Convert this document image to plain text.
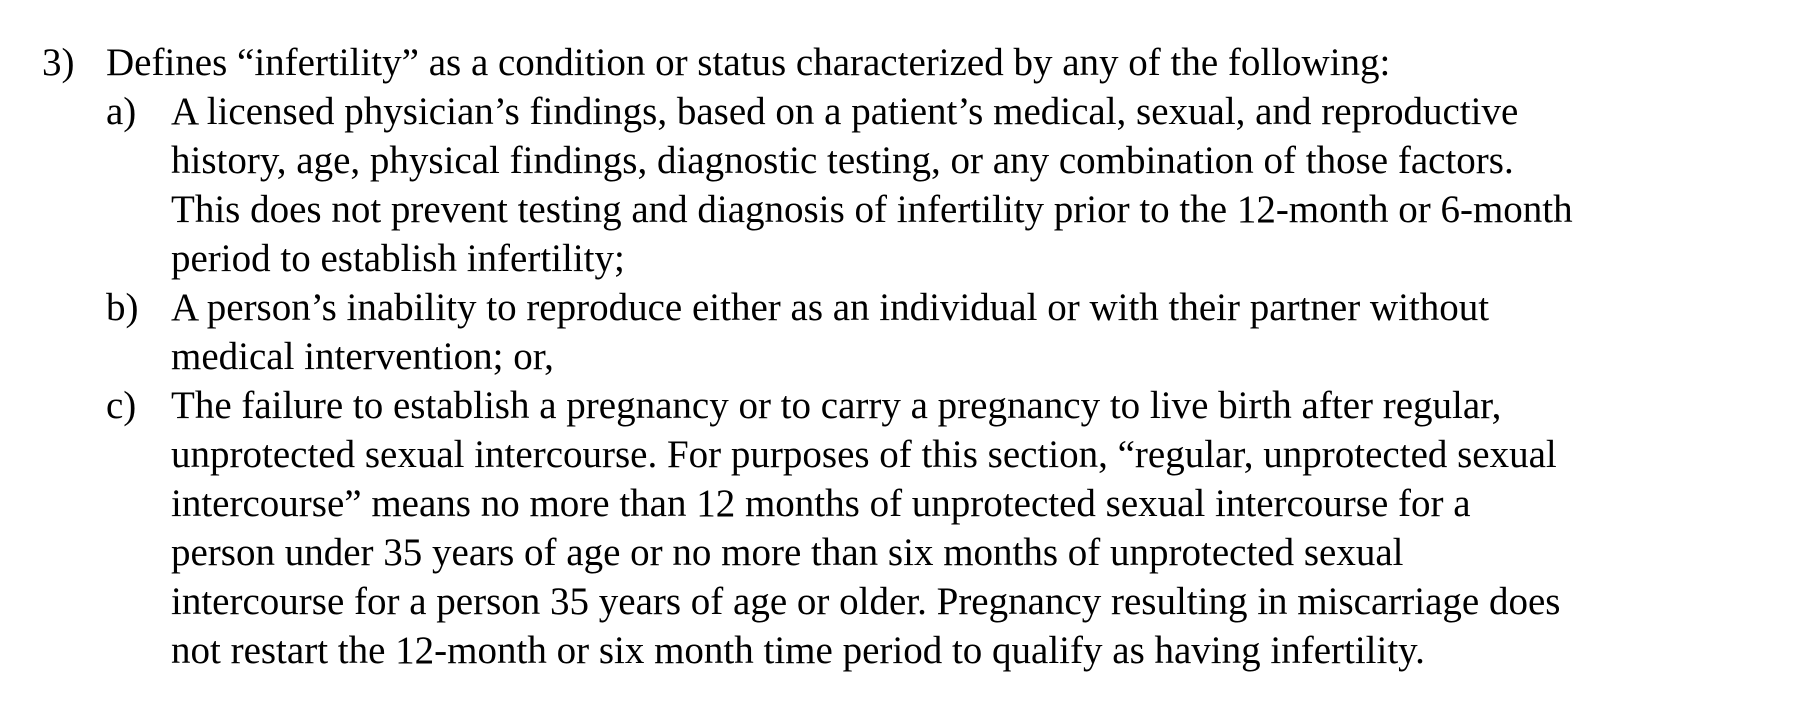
3) Defines “infertility” as a condition or status characterized by any of the following:
a) A licensed physician’s findings, based on a patient’s medical, sexual, and reproductive
history, age, physical findings, diagnostic testing, or any combination of those factors.
This does not prevent testing and diagnosis of infertility prior to the 12-month or 6-month
period to establish infertility;
b) A person’s inability to reproduce either as an individual or with their partner without
medical intervention; or,
c) The failure to establish a pregnancy or to carry a pregnancy to live birth after regular,
unprotected sexual intercourse. For purposes of this section, “regular, unprotected sexual
intercourse” means no more than 12 months of unprotected sexual intercourse for a
person under 35 years of age or no more than six months of unprotected sexual
intercourse for a person 35 years of age or older. Pregnancy resulting in miscarriage does
not restart the 12-month or six month time period to qualify as having infertility.
